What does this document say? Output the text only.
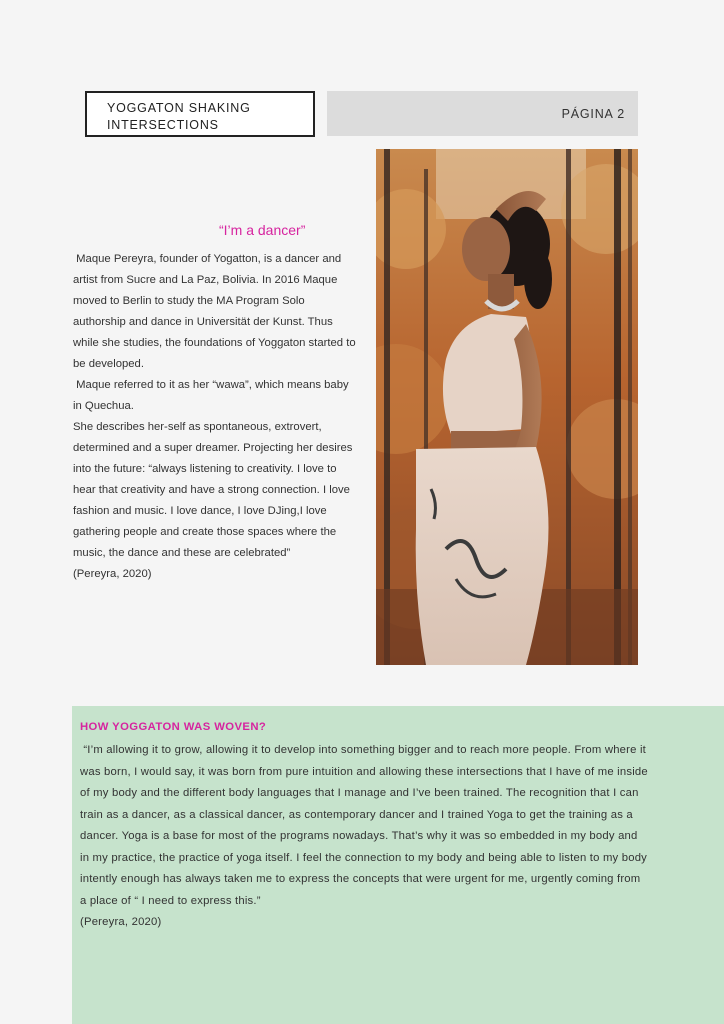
YOGGATON SHAKING
INTERSECTIONS
PÁGINA 2
“I’m a dancer”

Maque Pereyra, founder of Yogatton, is a dancer and artist from Sucre and La Paz, Bolivia. In 2016 Maque moved to Berlin to study the MA Program Solo authorship and dance in Universität der Kunst. Thus while she studies, the foundations of Yoggaton started to be developed.

Maque referred to it as her “wawa”, which means baby in Quechua.

She describes her-self as spontaneous, extrovert, determined and a super dreamer. Projecting her desires into the future: “always listening to creativity. I love to hear that creativity and have a strong connection. I love fashion and music. I love dance, I love DJing,I love gathering people and create those spaces where the music, the dance and these are celebrated”

(Pereyra, 2020)

HOW YOGGATON WAS WOVEN?
“I’m allowing it to grow, allowing it to develop into something bigger and to reach more people. From where it was born, I would say, it was born from pure intuition and allowing these intersections that I have of me inside of my body and the different body languages that I manage and I’ve been trained. The recognition that I can train as a dancer, as a classical dancer, as contemporary dancer and I trained Yoga to get the training as a dancer. Yoga is a base for most of the programs nowadays. That’s why it was so embedded in my body and in my practice, the practice of yoga itself. I feel the connection to my body and being able to listen to my body intently enough has always taken me to express the concepts that were urgent for me, urgently coming from a place of “ I need to express this.”
(Pereyra, 2020)
